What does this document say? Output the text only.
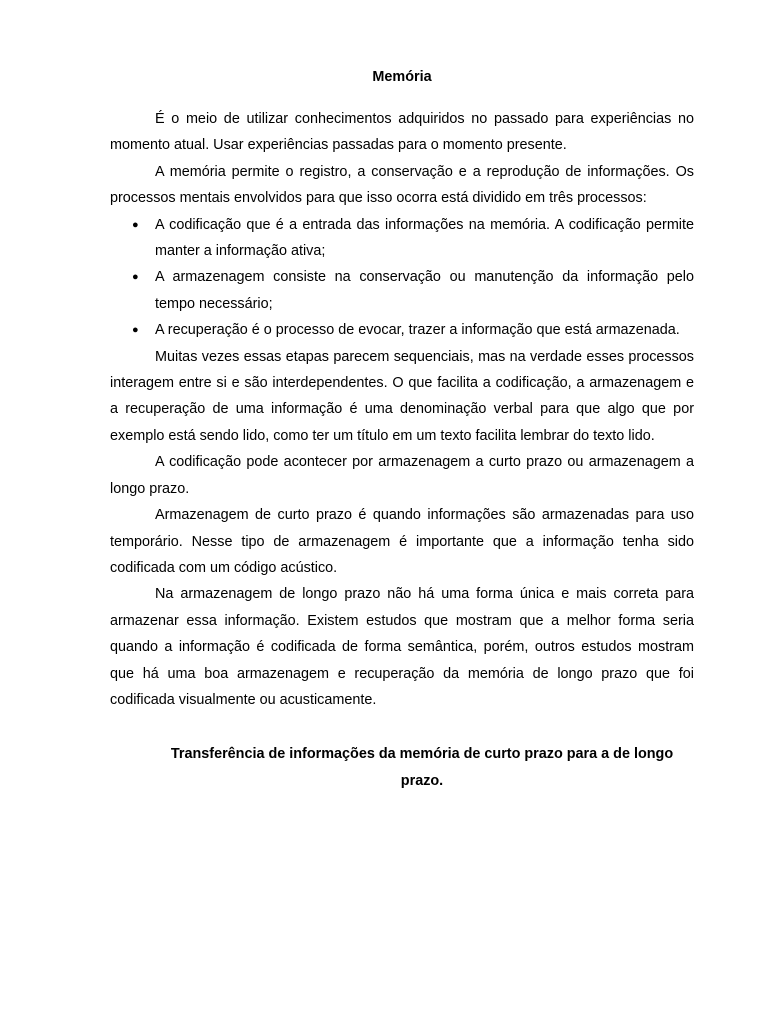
Memória

É o meio de utilizar conhecimentos adquiridos no passado para experiências no momento atual. Usar experiências passadas para o momento presente.

A memória permite o registro, a conservação e a reprodução de informações. Os processos mentais envolvidos para que isso ocorra está dividido em três processos:

● A codificação que é a entrada das informações na memória. A codificação permite manter a informação ativa;
● A armazenagem consiste na conservação ou manutenção da informação pelo tempo necessário;
● A recuperação é o processo de evocar, trazer a informação que está armazenada.

Muitas vezes essas etapas parecem sequenciais, mas na verdade esses processos interagem entre si e são interdependentes. O que facilita a codificação, a armazenagem e a recuperação de uma informação é uma denominação verbal para que algo que por exemplo está sendo lido, como ter um título em um texto facilita lembrar do texto lido.

A codificação pode acontecer por armazenagem a curto prazo ou armazenagem a longo prazo.

Armazenagem de curto prazo é quando informações são armazenadas para uso temporário. Nesse tipo de armazenagem é importante que a informação tenha sido codificada com um código acústico.

Na armazenagem de longo prazo não há uma forma única e mais correta para armazenar essa informação. Existem estudos que mostram que a melhor forma seria quando a informação é codificada de forma semântica, porém, outros estudos mostram que há uma boa armazenagem e recuperação da memória de longo prazo que foi codificada visualmente ou acusticamente.

Transferência de informações da memória de curto prazo para a de longo prazo.
